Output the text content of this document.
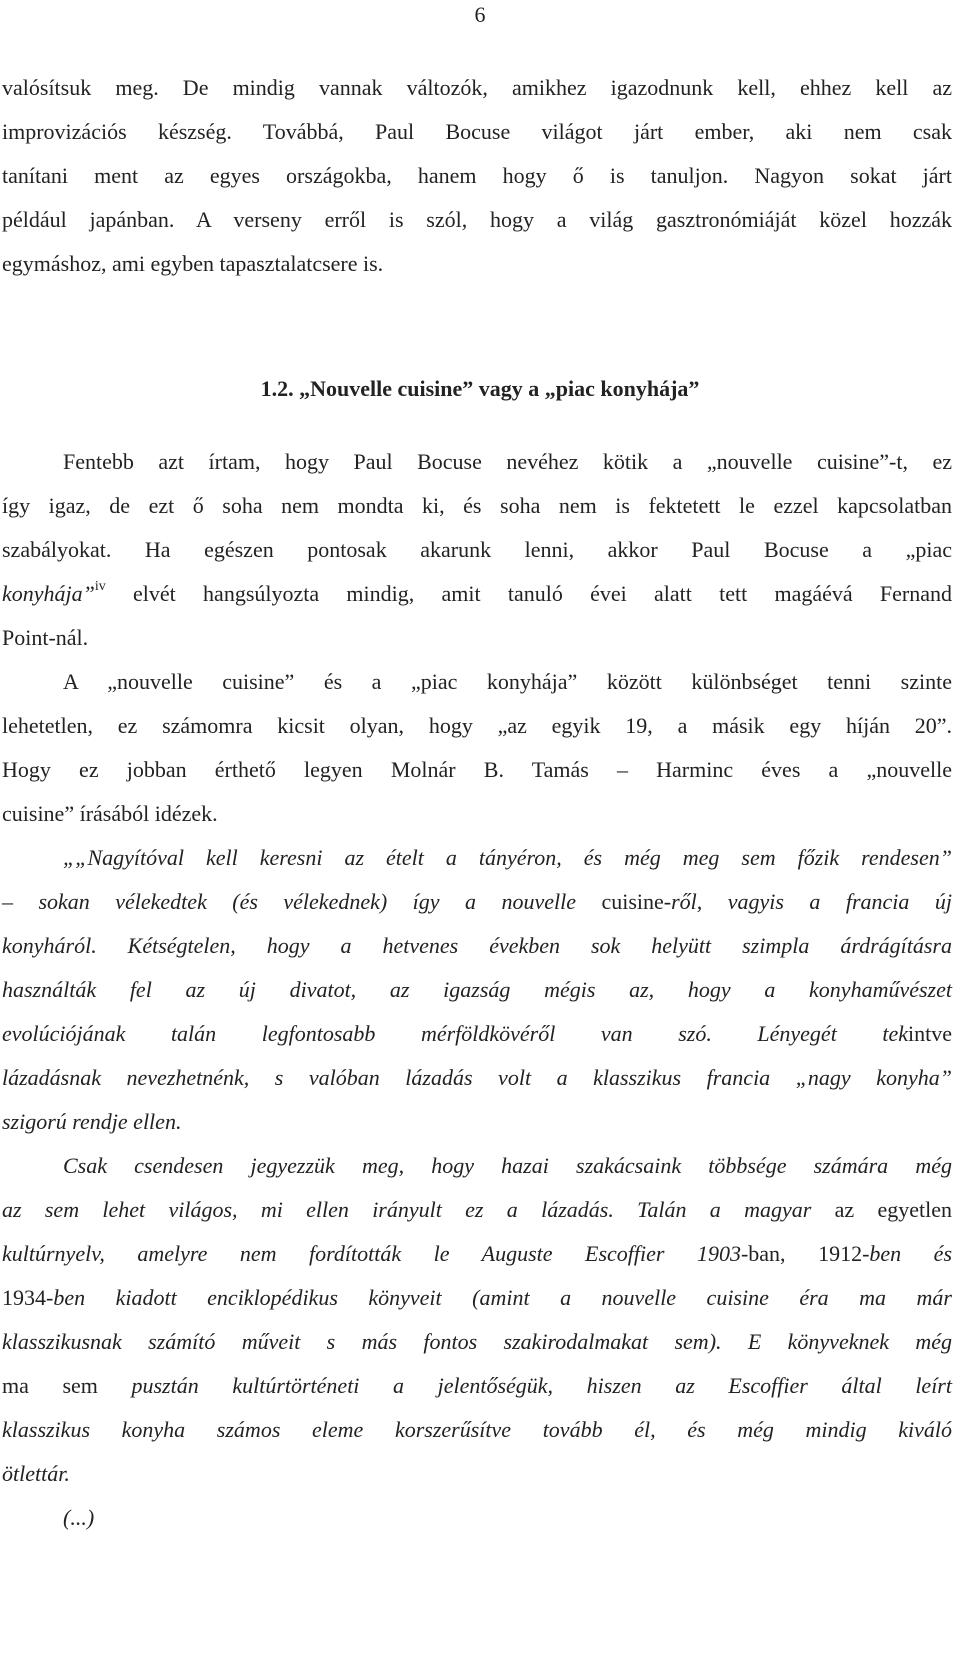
6
valósítsuk meg. De mindig vannak változók, amikhez igazodnunk kell, ehhez kell az
improvizációs készség. Továbbá, Paul Bocuse világot járt ember, aki nem csak
tanítani ment az egyes országokba, hanem hogy ő is tanuljon. Nagyon sokat járt
például japánban. A verseny erről is szól, hogy a világ gasztronómiáját közel hozzák
egymáshoz, ami egyben tapasztalatcsere is.
1.2. „Nouvelle cuisine” vagy a „piac konyhája”
Fentebb azt írtam, hogy Paul Bocuse nevéhez kötik a „nouvelle cuisine”-t, ez
így igaz, de ezt ő soha nem mondta ki, és soha nem is fektetett le ezzel kapcsolatban
szabályokat. Ha egészen pontosak akarunk lenni, akkor Paul Bocuse a „piac
konyhája”$^{iv}$ elvét hangsúlyozta mindig, amit tanuló évei alatt tett magáévá Fernand
Point-nál.
A „nouvelle cuisine” és a „piac konyhája” között különbséget tenni szinte
lehetetlen, ez számomra kicsit olyan, hogy „az egyik 19, a másik egy híján 20”.
Hogy ez jobban érthető legyen Molnár B. Tamás – Harminc éves a „nouvelle
cuisine” írásából idézek.
„„Nagyítóval kell keresni az ételt a tányéron, és még meg sem főzik rendesen”
– sokan vélekedtek (és vélekednek) így a nouvelle cuisine-ről, vagyis a francia új
konyháról. Kétségtelen, hogy a hetvenes években sok helyütt szimpla árdrágításra
használták fel az új divatot, az igazság mégis az, hogy a konyhaművészet
evolúciójának talán legfontosabb mérföldkövéről van szó. Lényegét tekintve
lázadásnak nevezhetnénk, s valóban lázadás volt a klasszikus francia „nagy konyha”
szigorú rendje ellen.
Csak csendesen jegyezzük meg, hogy hazai szakácsaink többsége számára még
az sem lehet világos, mi ellen irányult ez a lázadás. Talán a magyar az egyetlen
kultúrnyelv, amelyre nem fordították le Auguste Escoffier 1903-ban, 1912-ben és
1934-ben kiadott enciklopédikus könyveit (amint a nouvelle cuisine éra ma már
klasszikusnak számító műveit s más fontos szakirodalmakat sem). E könyveknek még
ma sem pusztán kultúrtörténeti a jelentőségük, hiszen az Escoffier által leírt
klasszikus konyha számos eleme korszerűsítve tovább él, és még mindig kiváló
ötlettár.
(...)
